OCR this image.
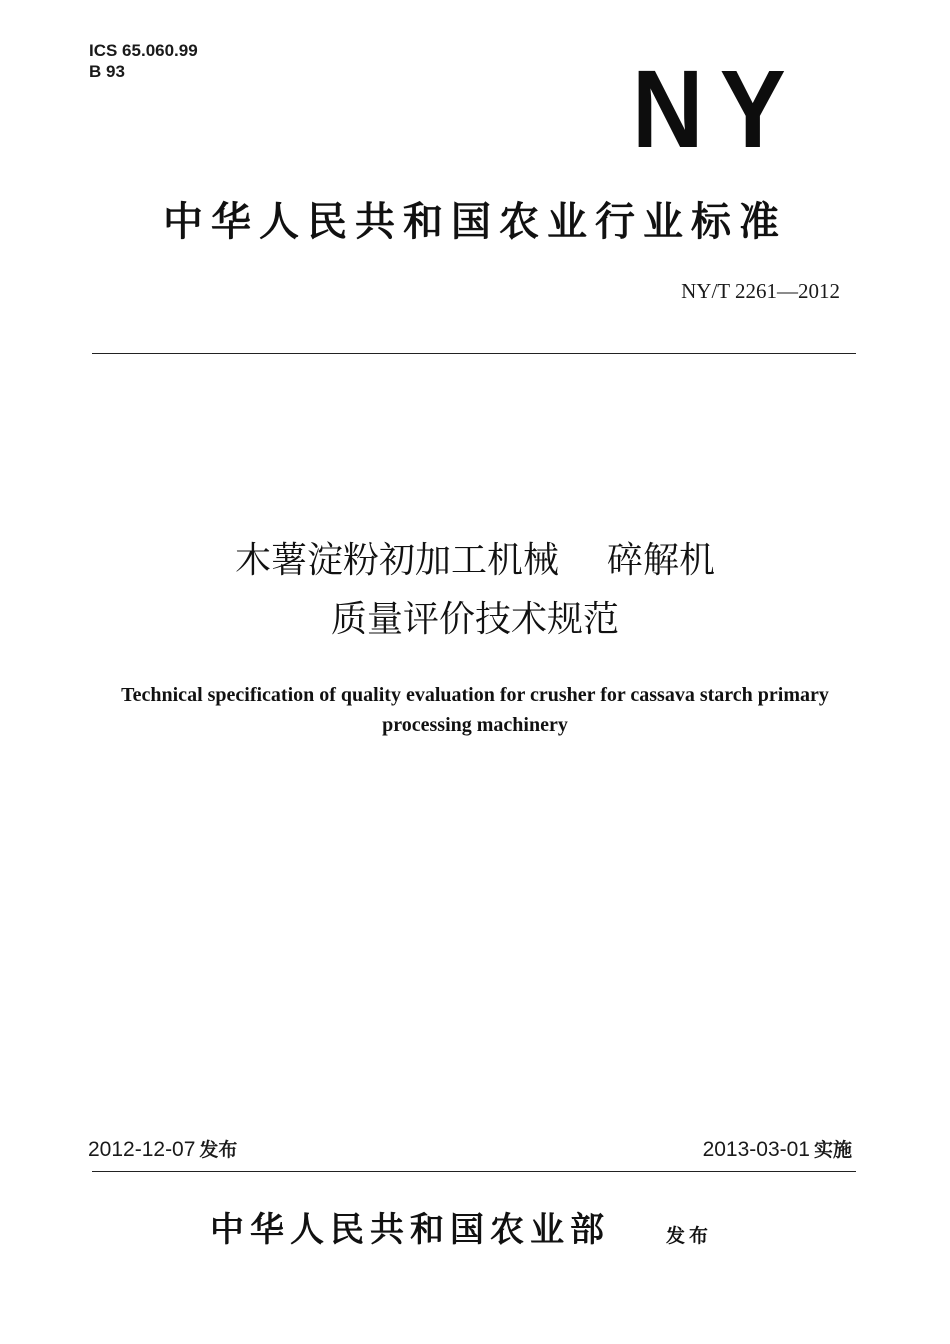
ICS 65.060.99
B 93	NY
中华人民共和国农业行业标准
NY/T 2261—2012
木薯淀粉初加工机械 碎解机
质量评价技术规范
Technical specification of quality evaluation for crusher for cassava starch primary
processing machinery
2012-12-07 发布	2013-03-01 实施
中华人民共和国农业部	发布
